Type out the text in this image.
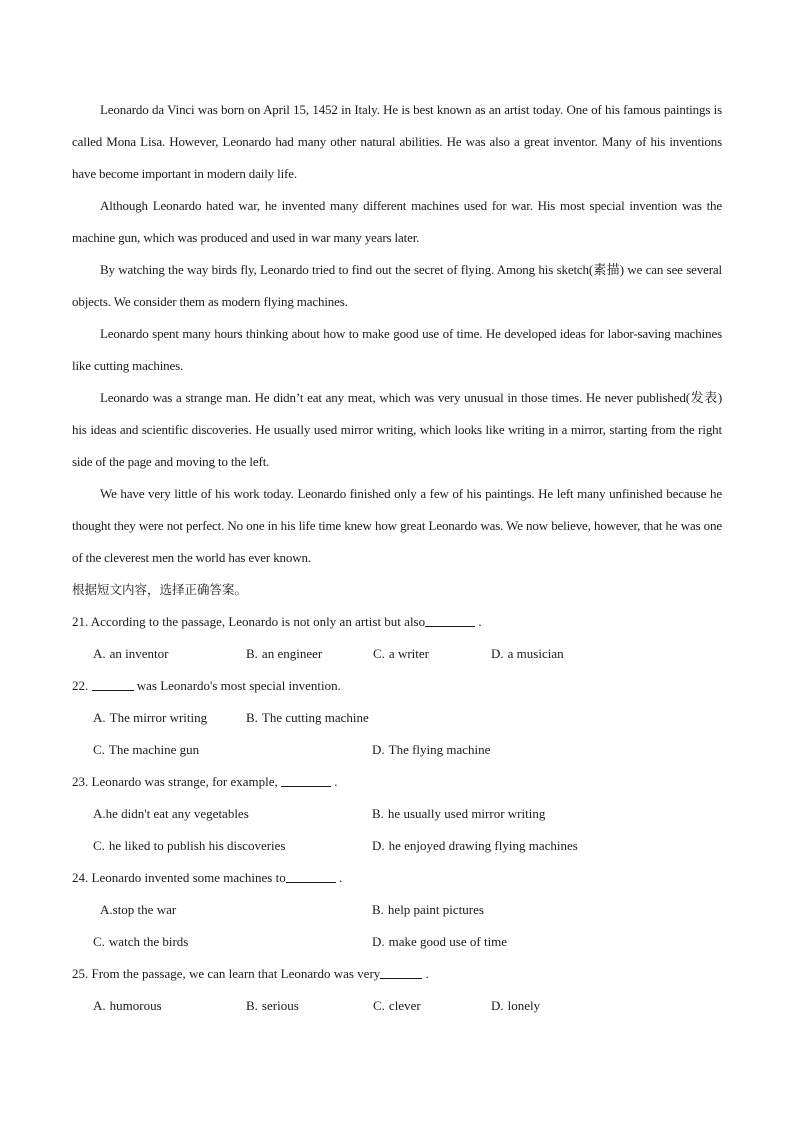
Leonardo da Vinci was born on April 15, 1452 in Italy. He is best known as an artist today. One of his famous paintings is called Mona Lisa. However, Leonardo had many other natural abilities. He was also a great inventor. Many of his inventions have become important in modern daily life.

Although Leonardo hated war, he invented many different machines used for war. His most special invention was the machine gun, which was produced and used in war many years later.

By watching the way birds fly, Leonardo tried to find out the secret of flying. Among his sketch(素描) we can see several objects. We consider them as modern flying machines.

Leonardo spent many hours thinking about how to make good use of time. He developed ideas for labor-saving machines like cutting machines.

Leonardo was a strange man. He didn’t eat any meat, which was very unusual in those times. He never published(发表) his ideas and scientific discoveries. He usually used mirror writing, which looks like writing in a mirror, starting from the right side of the page and moving to the left.

We have very little of his work today. Leonardo finished only a few of his paintings. He left many unfinished because he thought they were not perfect. No one in his life time knew how great Leonardo was. We now believe, however, that he was one of the cleverest men the world has ever known.

根据短文内容，选择正确答案。

21. According to the passage, Leonardo is not only an artist but also	.

A. an inventor	B. an engineer	C. a writer	D. a musician

22.	was Leonardo's most special invention.

A. The mirror writing	B. The cutting machine
C. The machine gun	D. The flying machine

23. Leonardo was strange, for example,	.

A.he didn't eat any vegetables	B. he usually used mirror writing
C. he liked to publish his discoveries	D. he enjoyed drawing flying machines

24. Leonardo invented some machines to	.

A.stop the war	B. help paint pictures
C. watch the birds	D. make good use of time

25. From the passage, we can learn that Leonardo was very	.

A. humorous	B. serious	C. clever	D. lonely
